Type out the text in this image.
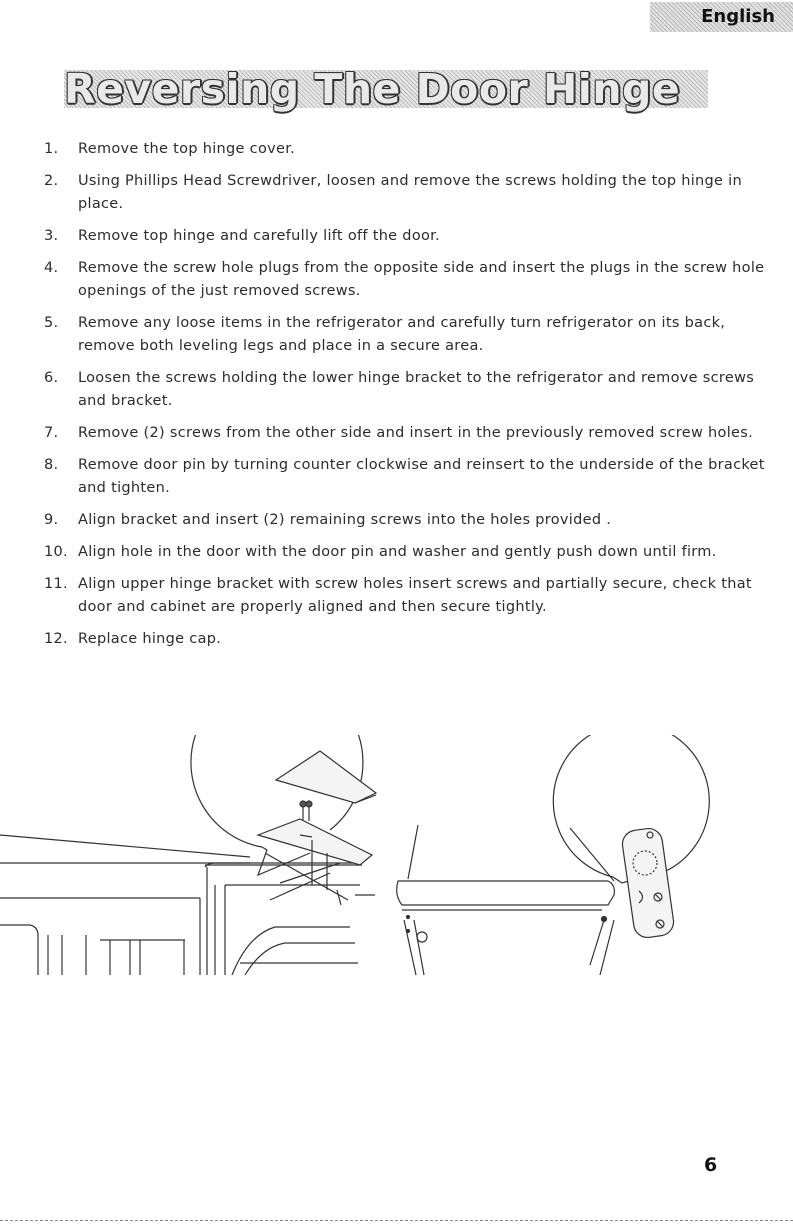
English
Reversing The Door Hinge
1. Remove the top hinge cover.
2. Using Phillips Head Screwdriver, loosen and remove the screws holding the top hinge in place.
3. Remove top hinge and carefully lift off the door.
4. Remove the screw hole plugs from the opposite side and insert the plugs in the screw hole openings of the just removed screws.
5. Remove any loose items in the refrigerator and carefully turn refrigerator on its back, remove both leveling legs and place in a secure area.
6. Loosen the screws holding the lower hinge bracket to the refrigerator and remove screws and bracket.
7. Remove (2) screws from the other side and insert in the previously removed screw holes.
8. Remove door pin by turning counter clockwise and reinsert to the underside of the bracket and tighten.
9. Align bracket and insert (2) remaining screws into the holes provided .
10. Align hole in the door with the door pin and washer and gently push down until firm.
11. Align upper hinge bracket with screw holes insert screws and partially secure, check that door and cabinet are properly aligned and then secure tightly.
12. Replace hinge cap.
6
